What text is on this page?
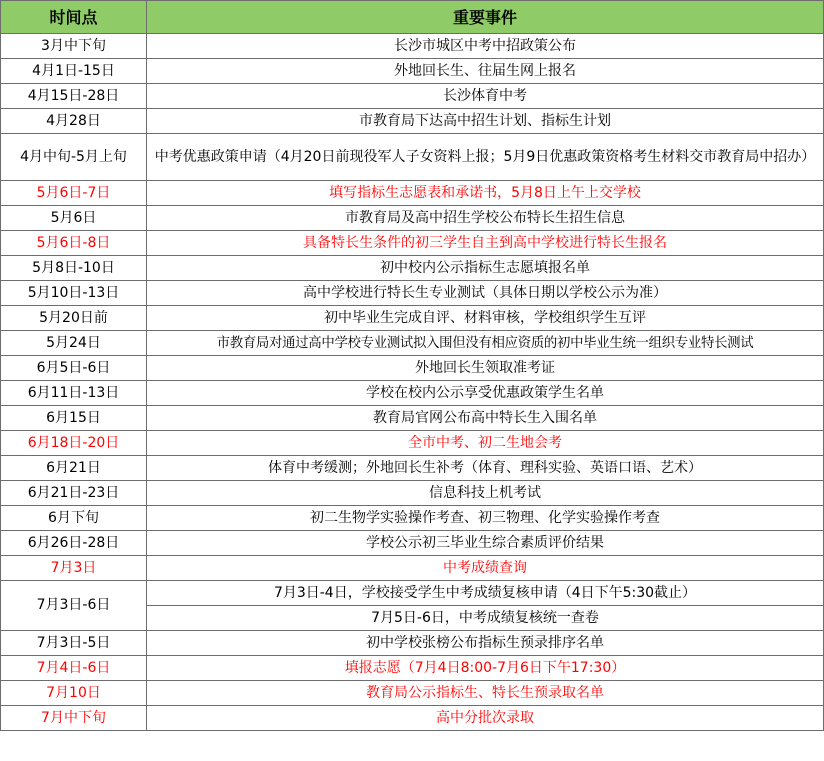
时间点	重要事件
3月中下旬	长沙市城区中考中招政策公布
4月1日-15日	外地回长生、往届生网上报名
4月15日-28日	长沙体育中考
4月28日	市教育局下达高中招生计划、指标生计划
4月中旬-5月上旬	中考优惠政策申请（4月20日前现役军人子女资料上报；5月9日优惠政策资格考生材料交市教育局中招办）
5月6日-7日	填写指标生志愿表和承诺书，5月8日上午上交学校
5月6日	市教育局及高中招生学校公布特长生招生信息
5月6日-8日	具备特长生条件的初三学生自主到高中学校进行特长生报名
5月8日-10日	初中校内公示指标生志愿填报名单
5月10日-13日	高中学校进行特长生专业测试（具体日期以学校公示为准）
5月20日前	初中毕业生完成自评、材料审核，学校组织学生互评
5月24日	市教育局对通过高中学校专业测试拟入围但没有相应资质的初中毕业生统一组织专业特长测试
6月5日-6日	外地回长生领取准考证
6月11日-13日	学校在校内公示享受优惠政策学生名单
6月15日	教育局官网公布高中特长生入围名单
6月18日-20日	全市中考、初二生地会考
6月21日	体育中考缓测；外地回长生补考（体育、理科实验、英语口语、艺术）
6月21日-23日	信息科技上机考试
6月下旬	初二生物学实验操作考查、初三物理、化学实验操作考查
6月26日-28日	学校公示初三毕业生综合素质评价结果
7月3日	中考成绩查询
7月3日-6日	7月3日-4日，学校接受学生中考成绩复核申请（4日下午5:30截止）
	7月5日-6日，中考成绩复核统一查卷
7月3日-5日	初中学校张榜公布指标生预录排序名单
7月4日-6日	填报志愿（7月4日8:00-7月6日下午17:30）
7月10日	教育局公示指标生、特长生预录取名单
7月中下旬	高中分批次录取
